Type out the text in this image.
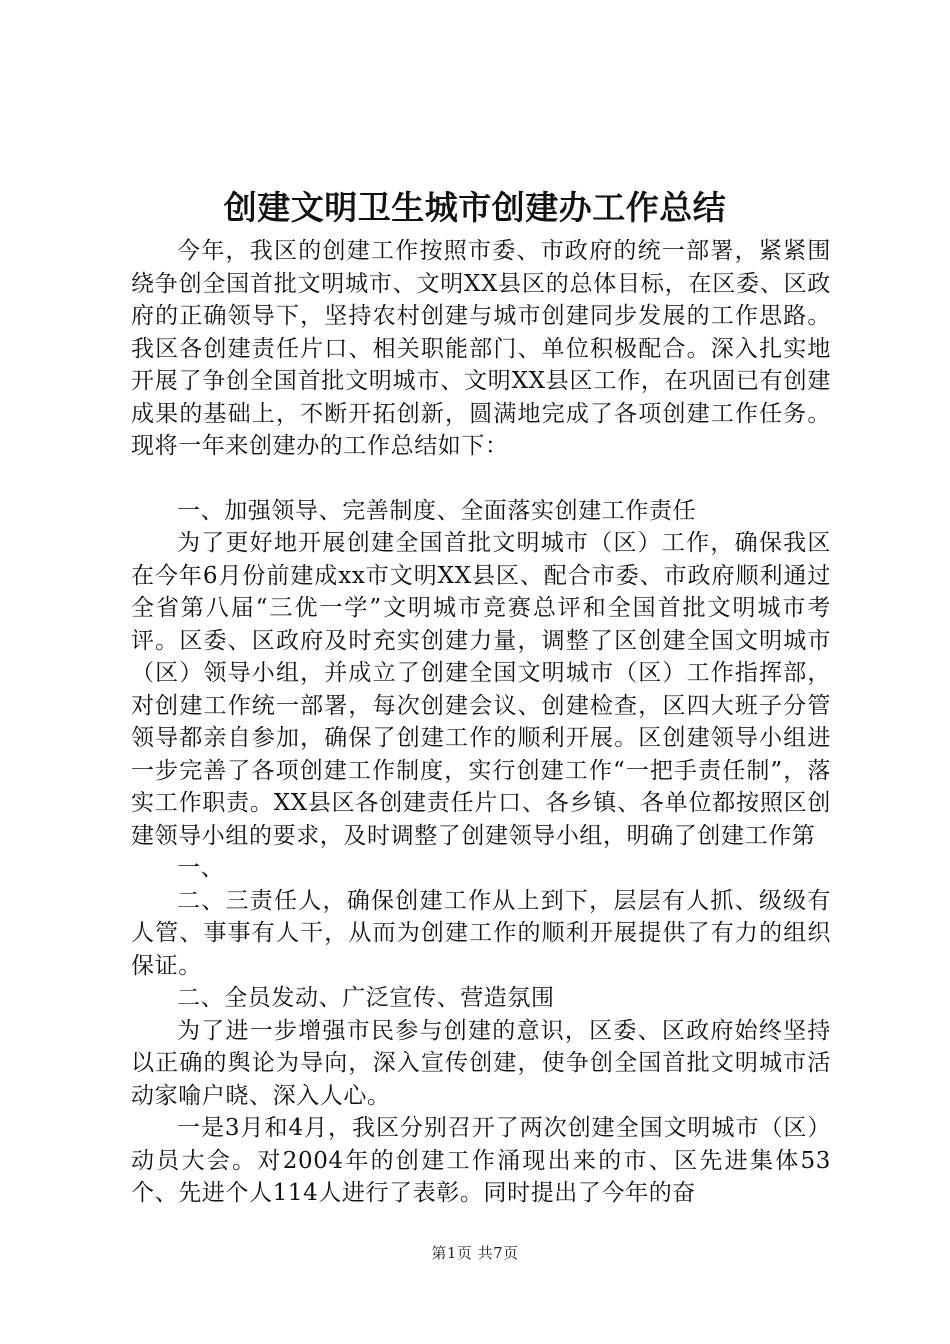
创建文明卫生城市创建办工作总结

今年，我区的创建工作按照市委、市政府的统一部署，紧紧围绕争创全国首批文明城市、文明XX县区的总体目标，在区委、区政府的正确领导下，坚持农村创建与城市创建同步发展的工作思路。我区各创建责任片口、相关职能部门、单位积极配合。深入扎实地开展了争创全国首批文明城市、文明XX县区工作，在巩固已有创建成果的基础上，不断开拓创新，圆满地完成了各项创建工作任务。现将一年来创建办的工作总结如下：

一、加强领导、完善制度、全面落实创建工作责任

为了更好地开展创建全国首批文明城市（区）工作，确保我区在今年6月份前建成xx市文明XX县区、配合市委、市政府顺利通过全省第八届“三优一学”文明城市竞赛总评和全国首批文明城市考评。区委、区政府及时充实创建力量，调整了区创建全国文明城市（区）领导小组，并成立了创建全国文明城市（区）工作指挥部，对创建工作统一部署，每次创建会议、创建检查，区四大班子分管领导都亲自参加，确保了创建工作的顺利开展。区创建领导小组进一步完善了各项创建工作制度，实行创建工作“一把手责任制”，落实工作职责。XX县区各创建责任片口、各乡镇、各单位都按照区创建领导小组的要求，及时调整了创建领导小组，明确了创建工作第

一、

二、三责任人，确保创建工作从上到下，层层有人抓、级级有人管、事事有人干，从而为创建工作的顺利开展提供了有力的组织保证。

二、全员发动、广泛宣传、营造氛围

为了进一步增强市民参与创建的意识，区委、区政府始终坚持以正确的舆论为导向，深入宣传创建，使争创全国首批文明城市活动家喻户晓、深入人心。

一是3月和4月，我区分别召开了两次创建全国文明城市（区）动员大会。对2004年的创建工作涌现出来的市、区先进集体53个、先进个人114人进行了表彰。同时提出了今年的奋

第1页 共7页
